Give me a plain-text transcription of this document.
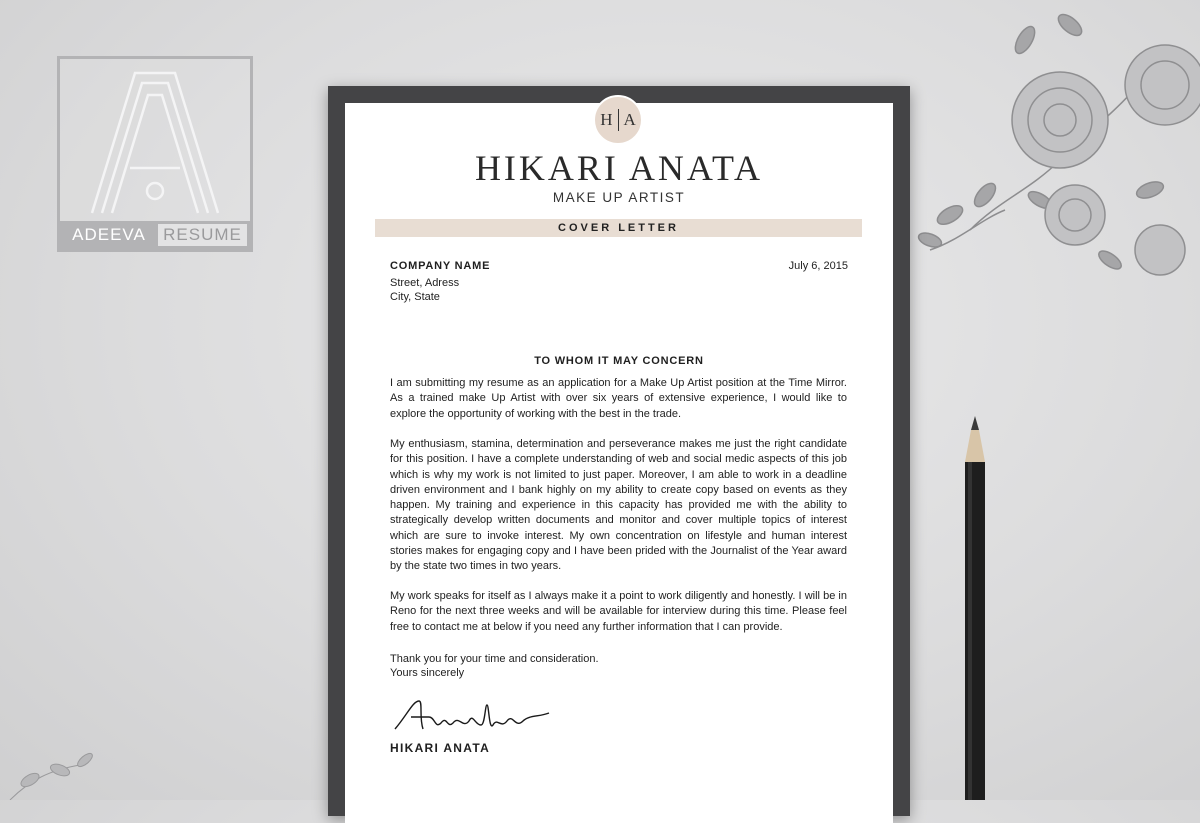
ADEEVA	RESUME
H A
HIKARI ANATA
MAKE UP ARTIST
COVER LETTER
COMPANY NAME	July 6, 2015
Street, Adress
City, State
TO WHOM IT MAY CONCERN
I am submitting my resume as an application for a Make Up Artist position at the Time Mirror. As a trained make Up Artist with over six years of extensive experience, I would like to explore the opportunity of working with the best in the trade.
My enthusiasm, stamina, determination and perseverance makes me just the right candidate for this position. I have a complete understanding of web and social medic aspects of this job which is why my work is not limited to just paper. Moreover, I am able to work in a deadline driven environment and I bank highly on my ability to create copy based on events as they happen. My training and experience in this capacity has provided me with the ability to strategically develop written documents and monitor and cover multiple topics of interest which are sure to invoke interest. My own concentration on lifestyle and human interest stories makes for engaging copy and I have been prided with the Journalist of the Year award by the state two times in two years.
My work speaks for itself as I always make it a point to work diligently and honestly. I will be in Reno for the next three weeks and will be available for interview during this time. Please feel free to contact me at below if you need any further information that I can provide.
Thank you for your time and consideration.
Yours sincerely
HIKARI ANATA
